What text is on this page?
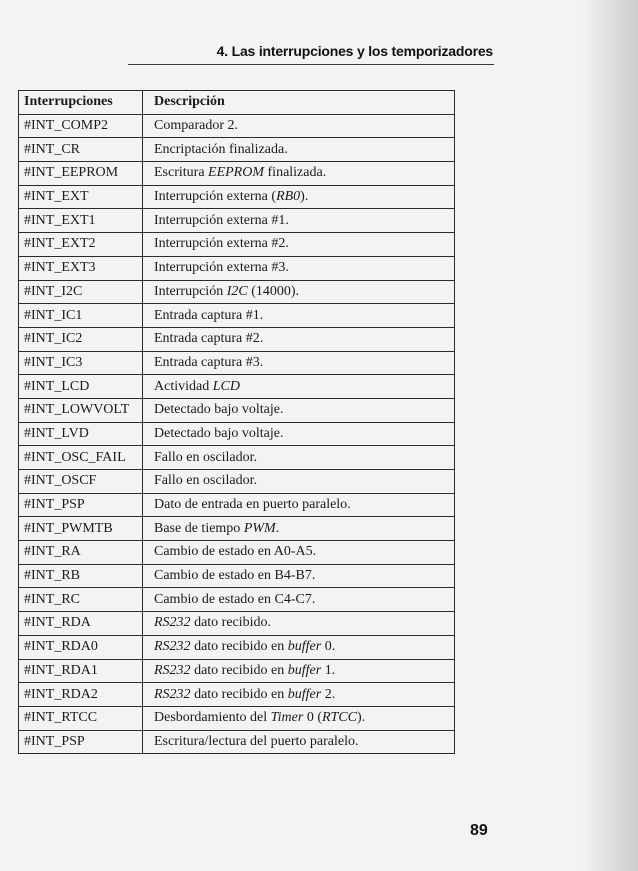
4. Las interrupciones y los temporizadores
Interrupciones	Descripción
#INT_COMP2	Comparador 2.
#INT_CR	Encriptación finalizada.
#INT_EEPROM	Escritura EEPROM finalizada.
#INT_EXT	Interrupción externa (RB0).
#INT_EXT1	Interrupción externa #1.
#INT_EXT2	Interrupción externa #2.
#INT_EXT3	Interrupción externa #3.
#INT_I2C	Interrupción I2C (14000).
#INT_IC1	Entrada captura #1.
#INT_IC2	Entrada captura #2.
#INT_IC3	Entrada captura #3.
#INT_LCD	Actividad LCD
#INT_LOWVOLT	Detectado bajo voltaje.
#INT_LVD	Detectado bajo voltaje.
#INT_OSC_FAIL	Fallo en oscilador.
#INT_OSCF	Fallo en oscilador.
#INT_PSP	Dato de entrada en puerto paralelo.
#INT_PWMTB	Base de tiempo PWM.
#INT_RA	Cambio de estado en A0-A5.
#INT_RB	Cambio de estado en B4-B7.
#INT_RC	Cambio de estado en C4-C7.
#INT_RDA	RS232 dato recibido.
#INT_RDA0	RS232 dato recibido en buffer 0.
#INT_RDA1	RS232 dato recibido en buffer 1.
#INT_RDA2	RS232 dato recibido en buffer 2.
#INT_RTCC	Desbordamiento del Timer 0 (RTCC).
#INT_PSP	Escritura/lectura del puerto paralelo.
89
